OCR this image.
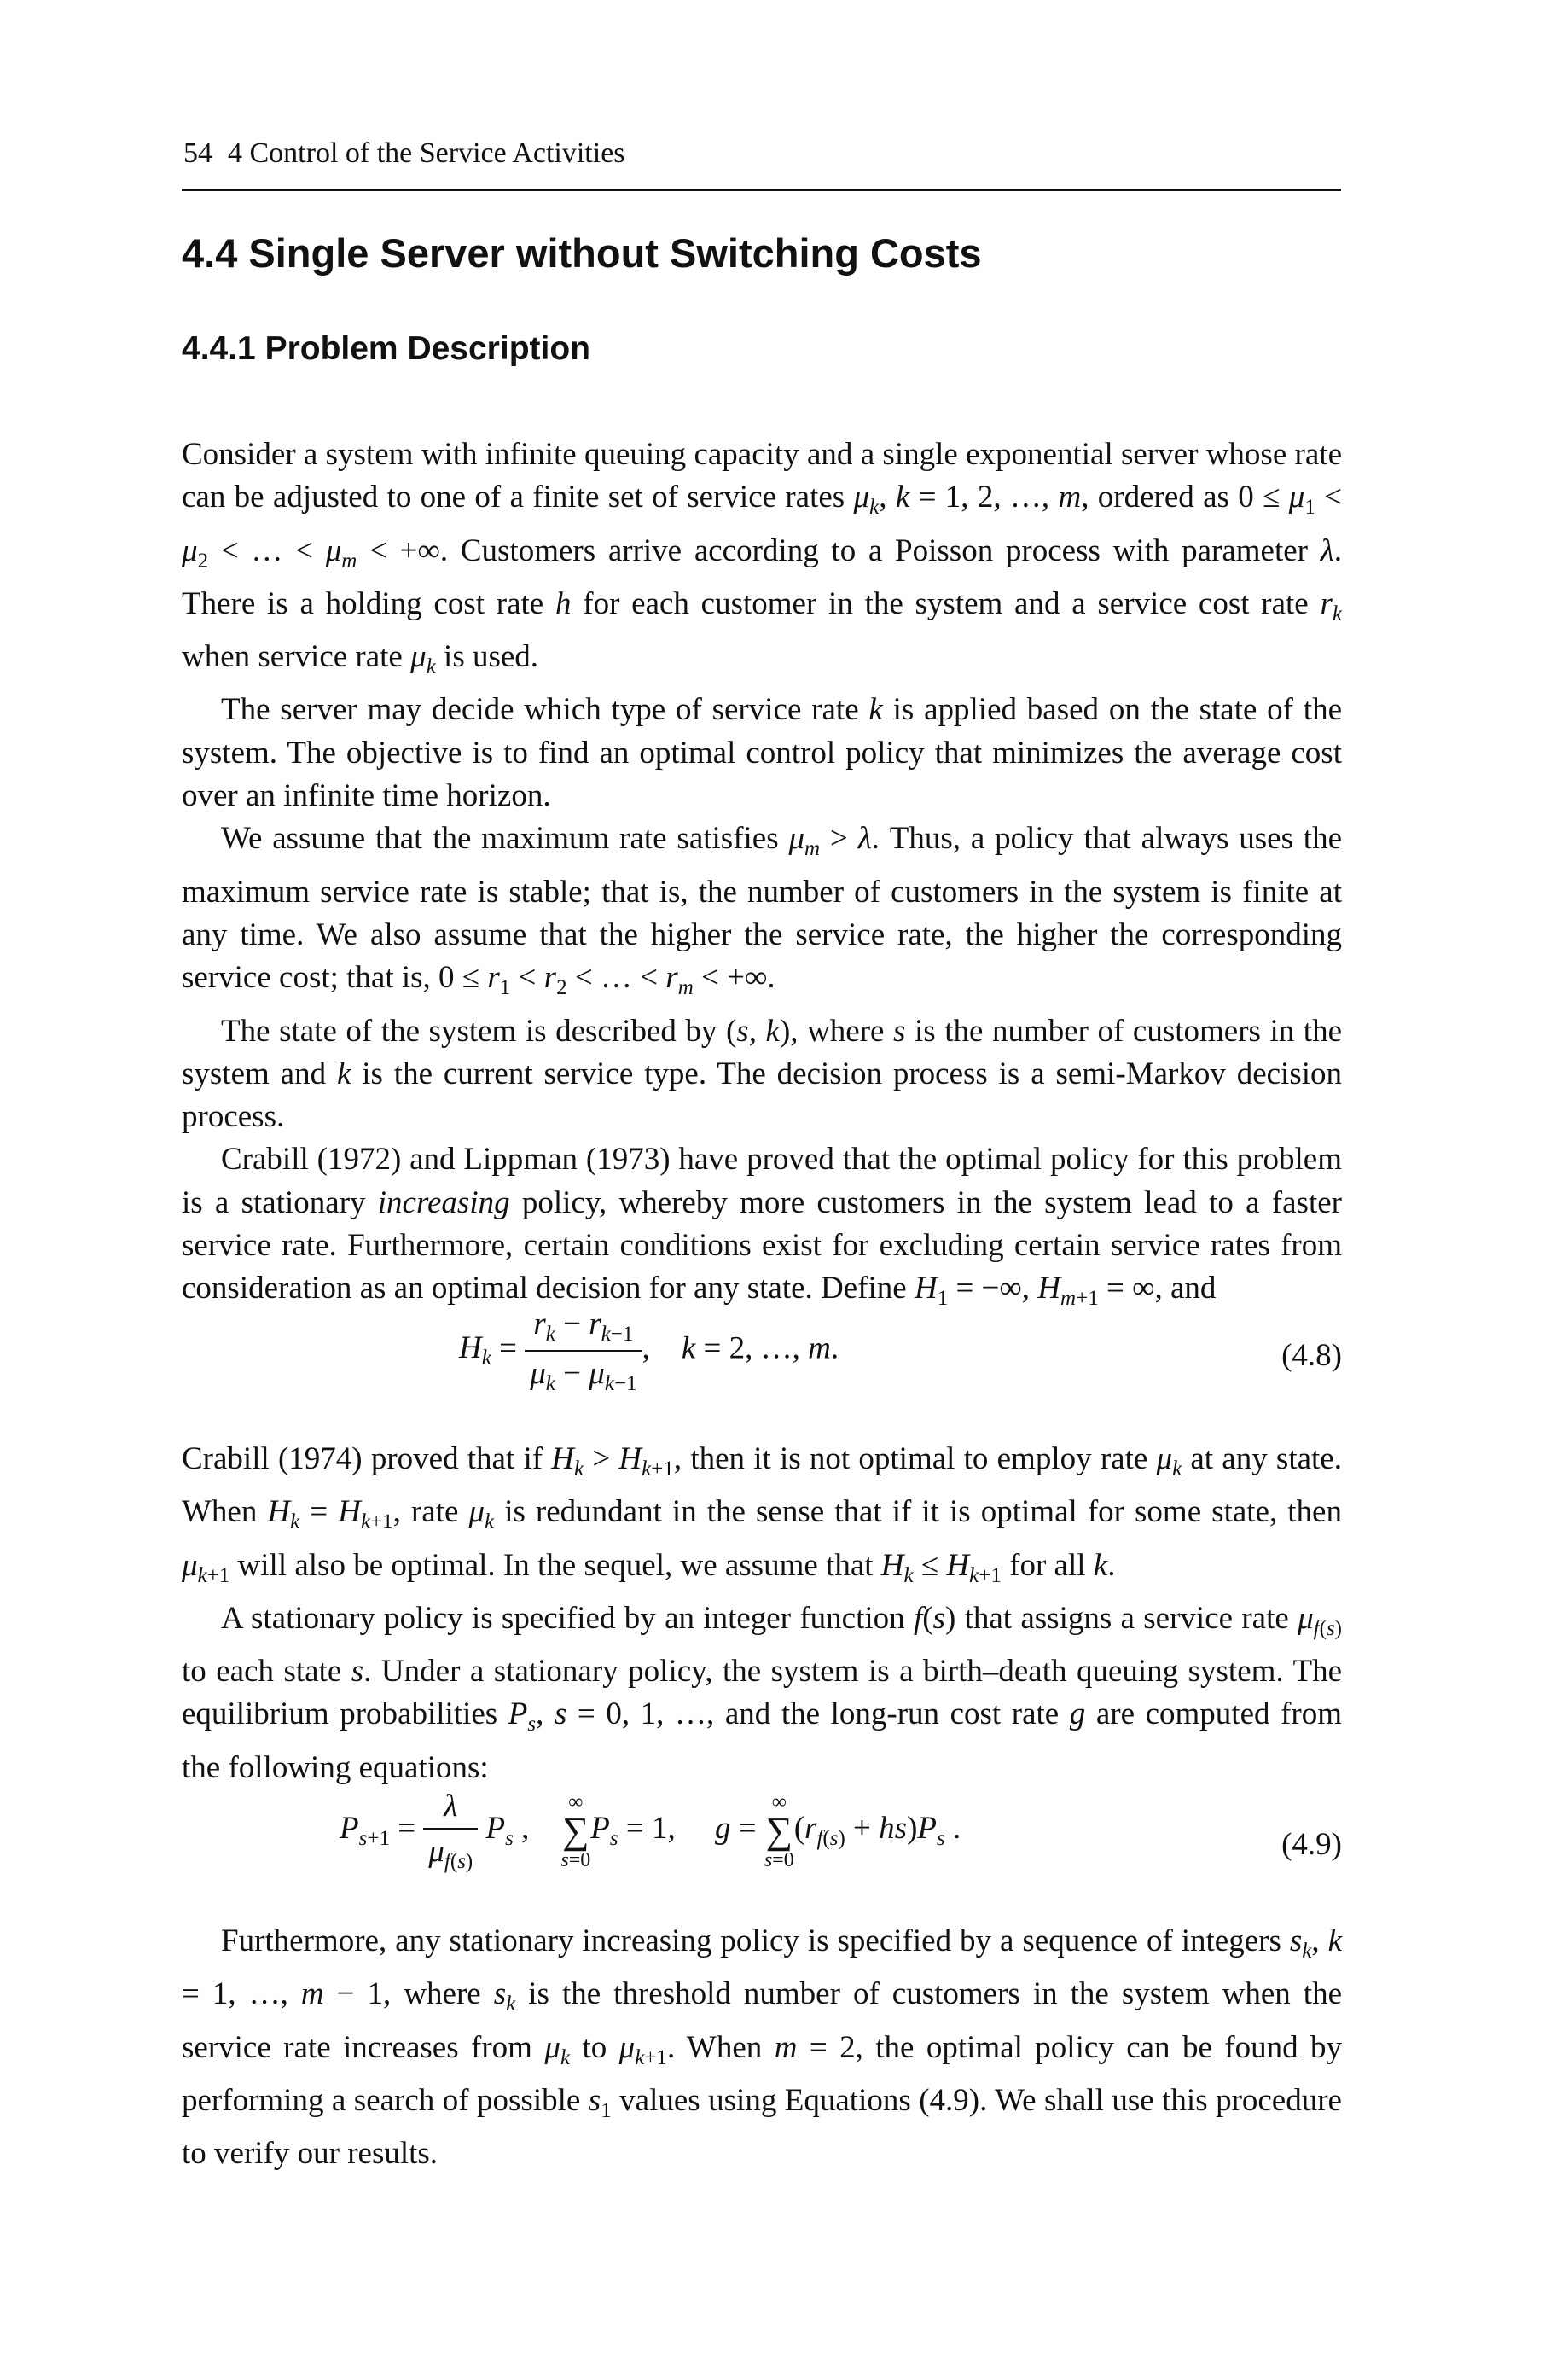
54 4 Control of the Service Activities
4.4 Single Server without Switching Costs
4.4.1 Problem Description

Consider a system with infinite queuing capacity and a single exponential server whose rate can be adjusted to one of a finite set of service rates $\mu_k$, k = 1, 2, …, m, ordered as $0 \le \mu_1 < \mu_2$ < … < $\mu_m$ < +∞. Customers arrive according to a Poisson process with parameter λ. There is a holding cost rate h for each customer in the system and a service cost rate $r_k$ when service rate $\mu_k$ is used.

The server may decide which type of service rate k is applied based on the state of the system. The objective is to find an optimal control policy that minimizes the average cost over an infinite time horizon.

We assume that the maximum rate satisfies $\mu_m > \lambda$. Thus, a policy that always uses the maximum service rate is stable; that is, the number of customers in the system is finite at any time. We also assume that the higher the service rate, the higher the corresponding service cost; that is, $0 \le r_1 < r_2$ < … < $r_m$ < +∞.

The state of the system is described by (s, k), where s is the number of customers in the system and k is the current service type. The decision process is a semi-Markov decision process.

Crabill (1972) and Lippman (1973) have proved that the optimal policy for this problem is a stationary increasing policy, whereby more customers in the system lead to a faster service rate. Furthermore, certain conditions exist for excluding certain service rates from consideration as an optimal decision for any state. Define $H_1$ = −∞, $H_{m+1}$ = ∞, and

$H_k = \frac{r_k - r_{k-1}}{\mu_k - \mu_{k-1}}$ ,    k = 2, …, m.	(4.8)

Crabill (1974) proved that if $H_k > H_{k+1}$, then it is not optimal to employ rate $\mu_k$ at any state. When $H_k = H_{k+1}$, rate $\mu_k$ is redundant in the sense that if it is optimal for some state, then $\mu_{k+1}$ will also be optimal. In the sequel, we assume that $H_k \le H_{k+1}$ for all k.

A stationary policy is specified by an integer function f(s) that assigns a service rate $\mu_{f(s)}$ to each state s. Under a stationary policy, the system is a birth–death queuing system. The equilibrium probabilities $P_s$, s = 0, 1, …, and the long-run cost rate g are computed from the following equations:

$P_{s+1} = \frac{\lambda}{\mu_{f(s)}} P_s$ ,
∞
∑
s=0
$P_s = 1$,     g =
∞
∑
s=0
$(r_{f(s)} + hs)P_s$ .	(4.9)

Furthermore, any stationary increasing policy is specified by a sequence of integers $s_k$, k = 1, …, m − 1, where $s_k$ is the threshold number of customers in the system when the service rate increases from $\mu_k$ to $\mu_{k+1}$. When m = 2, the optimal policy can be found by performing a search of possible $s_1$ values using Equations (4.9). We shall use this procedure to verify our results.
